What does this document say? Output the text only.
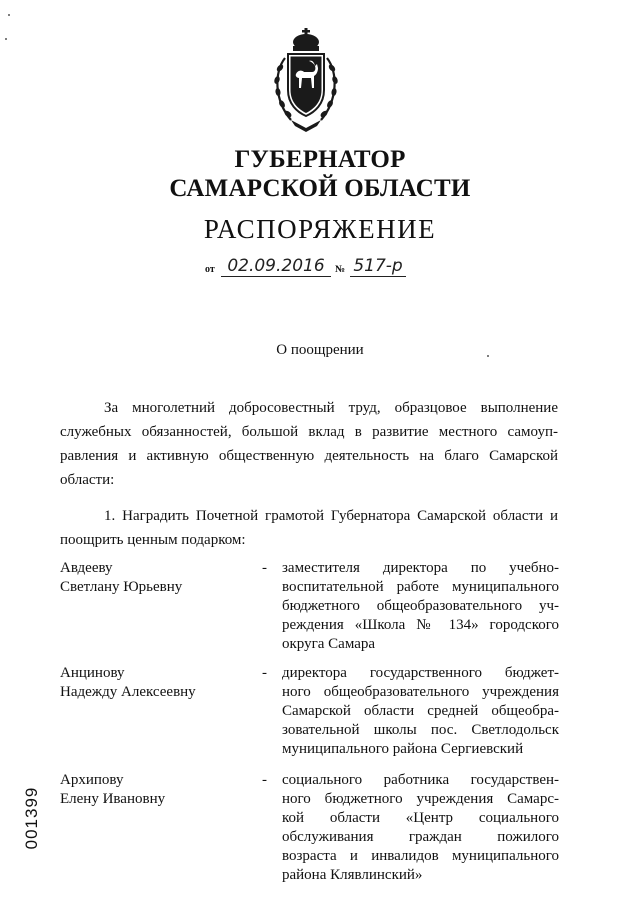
ГУБЕРНАТОР
САМАРСКОЙ ОБЛАСТИ
РАСПОРЯЖЕНИЕ
от 02.09.2016	№ 517-р
О поощрении

За многолетний добросовестный труд, образцовое выполнение
служебных обязанностей, большой вклад в развитие местного самоуп-
равления и активную общественную деятельность на благо Самарской
области:

1. Наградить Почетной грамотой Губернатора Самарской области и
поощрить ценным подарком:

Авдееву
Светлану Юрьевну
- заместителя директора по учебно-
воспитательной работе муниципального
бюджетного общеобразовательного уч-
реждения «Школа № 134» городского
округа Самара
Анцинову
Надежду Алексеевну
- директора государственного бюджет-
ного общеобразовательного учреждения
Самарской области средней общеобра-
зовательной школы пос. Светлодольск
муниципального района Сергиевский
Архипову
Елену Ивановну
- социального работника государствен-
ного бюджетного учреждения Самарс-
кой области «Центр социального
обслуживания граждан пожилого
возраста и инвалидов муниципального
района Клявлинский»
001399
